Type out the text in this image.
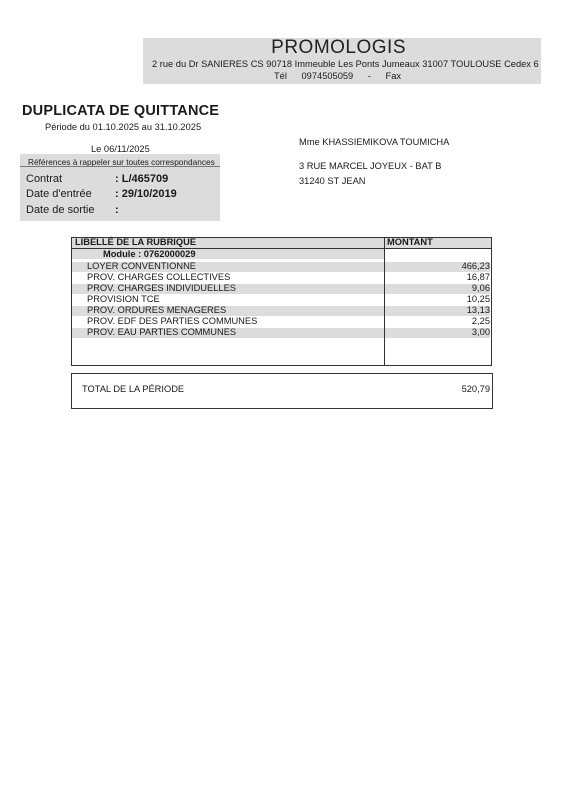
PROMOLOGIS
2 rue du Dr SANIERES CS 90718 Immeuble Les Ponts Jumeaux 31007 TOULOUSE Cedex 6
Tél 0974505059 - Fax
DUPLICATA DE QUITTANCE
Période du 01.10.2025 au 31.10.2025
Le 06/11/2025
Références à rappeler sur toutes correspondances
Contrat	: L/465709
Date d'entrée : 29/10/2019
Date de sortie :
Mme KHASSIEMIKOVA TOUMICHA
3 RUE MARCEL JOYEUX - BAT B
31240 ST JEAN
LIBELLÉ DE LA RUBRIQUE	MONTANT
Module : 0762000029
LOYER CONVENTIONNE	466,23
PROV. CHARGES COLLECTIVES	16,87
PROV. CHARGES INDIVIDUELLES	9,06
PROVISION TCE	10,25
PROV. ORDURES MENAGERES	13,13
PROV. EDF DES PARTIES COMMUNES	2,25
PROV. EAU PARTIES COMMUNES	3,00
TOTAL DE LA PÉRIODE	520,79
